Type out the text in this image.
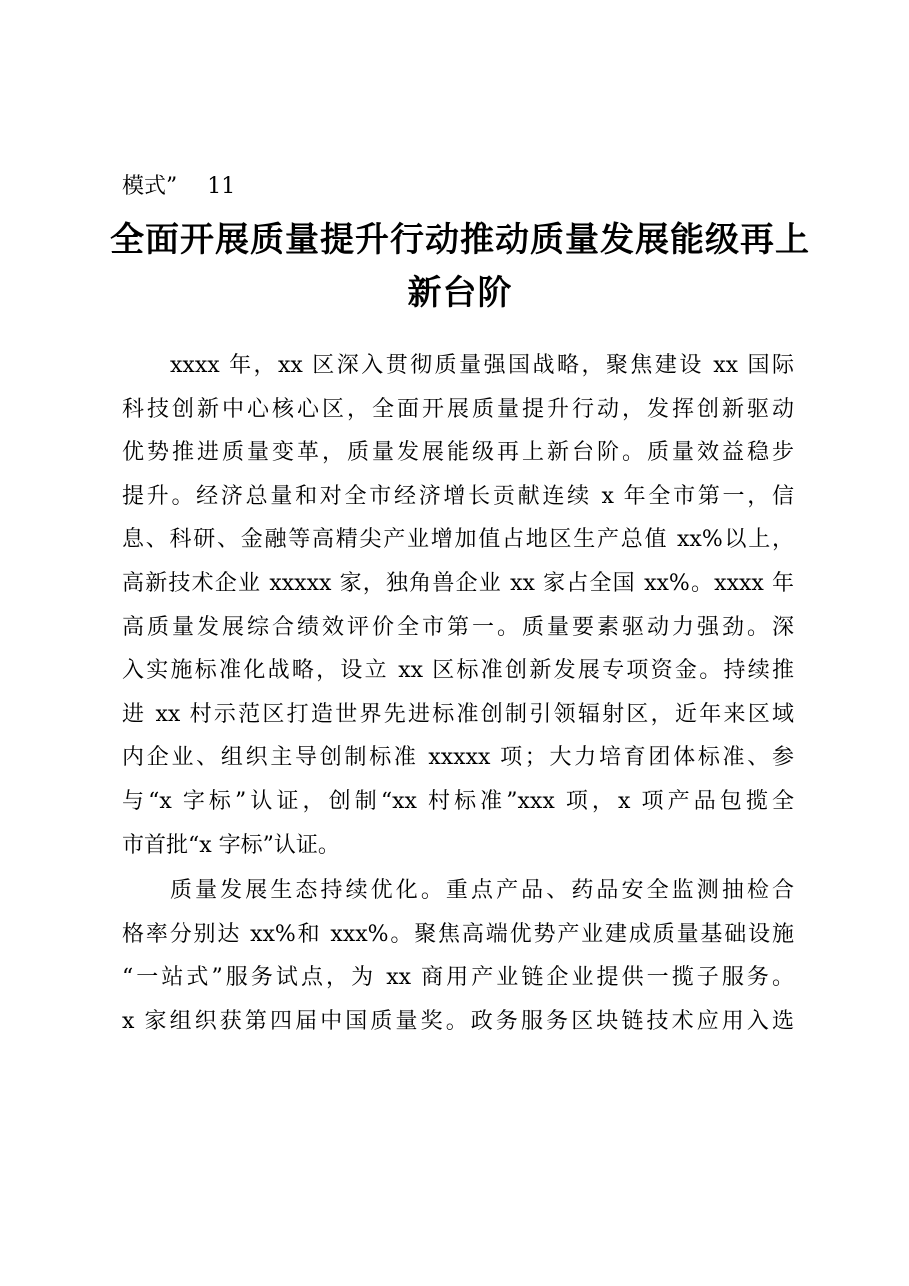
模式” 11
全面开展质量提升行动推动质量发展能级再上
新台阶
xxxx 年，xx 区深入贯彻质量强国战略，聚焦建设 xx 国际
科技创新中心核心区，全面开展质量提升行动，发挥创新驱动
优势推进质量变革，质量发展能级再上新台阶。质量效益稳步
提升。经济总量和对全市经济增长贡献连续 x 年全市第一，信
息、科研、金融等高精尖产业增加值占地区生产总值 xx%以上，
高新技术企业 xxxxx 家，独角兽企业 xx 家占全国 xx%。xxxx 年
高质量发展综合绩效评价全市第一。质量要素驱动力强劲。深
入实施标准化战略，设立 xx 区标准创新发展专项资金。持续推
进 xx 村示范区打造世界先进标准创制引领辐射区，近年来区域
内企业、组织主导创制标准 xxxxx 项；大力培育团体标准、参
与“x 字标”认证，创制“xx 村标准”xxx 项，x 项产品包揽全
市首批“x 字标”认证。
质量发展生态持续优化。重点产品、药品安全监测抽检合
格率分别达 xx%和 xxx%。聚焦高端优势产业建成质量基础设施
“一站式”服务试点，为 xx 商用产业链企业提供一揽子服务。
x 家组织获第四届中国质量奖。政务服务区块链技术应用入选
